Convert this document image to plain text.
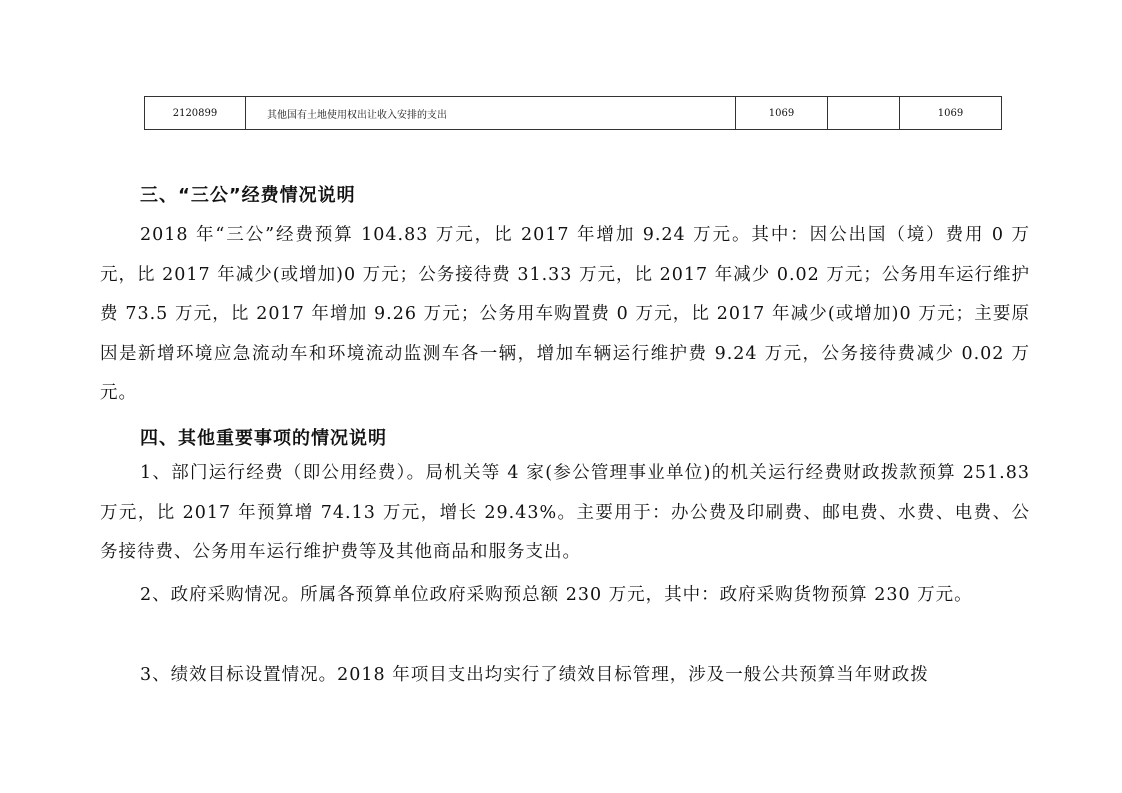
2120899	其他国有土地使用权出让收入安排的支出	1069		1069
三、“三公”经费情况说明

2018 年“三公”经费预算 104.83 万元，比 2017 年增加 9.24 万元。其中：因公出国（境）费用 0 万元，比 2017 年减少(或增加)0 万元；公务接待费 31.33 万元，比 2017 年减少 0.02 万元；公务用车运行维护费 73.5 万元，比 2017 年增加 9.26 万元；公务用车购置费 0 万元，比 2017 年减少(或增加)0 万元；主要原因是新增环境应急流动车和环境流动监测车各一辆，增加车辆运行维护费 9.24 万元，公务接待费减少 0.02 万元。

四、其他重要事项的情况说明

1、部门运行经费（即公用经费）。局机关等 4 家(参公管理事业单位)的机关运行经费财政拨款预算 251.83 万元，比 2017 年预算增 74.13 万元，增长 29.43%。主要用于：办公费及印刷费、邮电费、水费、电费、公务接待费、公务用车运行维护费等及其他商品和服务支出。

2、政府采购情况。所属各预算单位政府采购预总额 230 万元，其中：政府采购货物预算 230 万元。

3、绩效目标设置情况。2018 年项目支出均实行了绩效目标管理，涉及一般公共预算当年财政拨
